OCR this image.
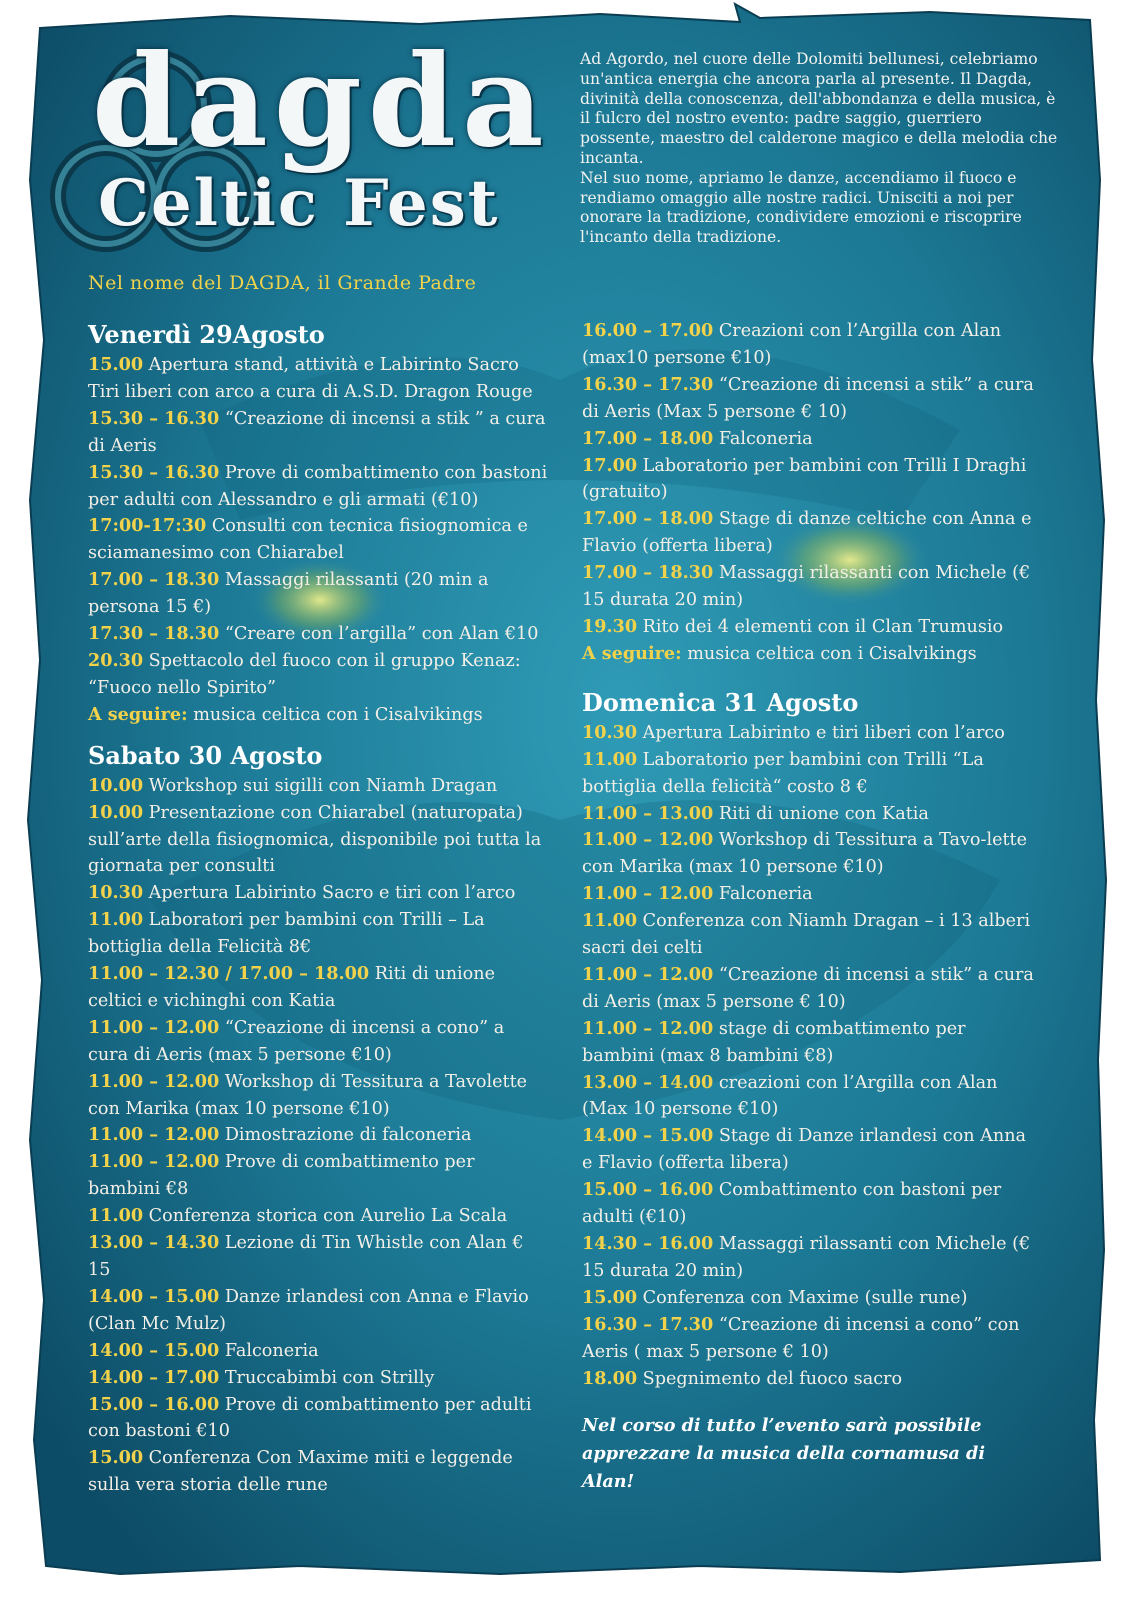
dagda
Celtic Fest
Nel nome del DAGDA, il Grande Padre

Ad Agordo, nel cuore delle Dolomiti bellunesi, celebriamo un'antica energia che ancora parla al presente. Il Dagda, divinità della conoscenza, dell'abbondanza e della musica, è il fulcro del nostro evento: padre saggio, guerriero possente, maestro del calderone magico e della melodia che incanta.

Nel suo nome, apriamo le danze, accendiamo il fuoco e rendiamo omaggio alle nostre radici. Unisciti a noi per onorare la tradizione, condividere emozioni e riscoprire l'incanto della tradizione.

Venerdì 29Agosto

15.00 Apertura stand, attività e Labirinto Sacro Tiri liberi con arco a cura di A.S.D. Dragon Rouge

15.30 – 16.30 “Creazione di incensi a stik ” a cura di Aeris

15.30 – 16.30 Prove di combattimento con bastoni per adulti con Alessandro e gli armati (€10)

17:00-17:30 Consulti con tecnica fisiognomica e sciamanesimo con Chiarabel

17.00 – 18.30 Massaggi rilassanti (20 min a persona 15 €)

17.30 – 18.30 “Creare con l’argilla” con Alan €10

20.30 Spettacolo del fuoco con il gruppo Kenaz: “Fuoco nello Spirito”

A seguire: musica celtica con i Cisalvikings

Sabato 30 Agosto

10.00 Workshop sui sigilli con Niamh Dragan

10.00 Presentazione con Chiarabel (naturopata) sull’arte della fisiognomica, disponibile poi tutta la giornata per consulti

10.30 Apertura Labirinto Sacro e tiri con l’arco

11.00 Laboratori per bambini con Trilli – La bottiglia della Felicità 8€

11.00 – 12.30 / 17.00 – 18.00 Riti di unione celtici e vichinghi con Katia

11.00 – 12.00 “Creazione di incensi a cono” a cura di Aeris (max 5 persone €10)

11.00 – 12.00 Workshop di Tessitura a Tavolette con Marika (max 10 persone €10)

11.00 – 12.00 Dimostrazione di falconeria

11.00 – 12.00 Prove di combattimento per bambini €8

11.00 Conferenza storica con Aurelio La Scala

13.00 – 14.30 Lezione di Tin Whistle con Alan € 15

14.00 – 15.00 Danze irlandesi con Anna e Flavio (Clan Mc Mulz)

14.00 – 15.00 Falconeria

14.00 – 17.00 Truccabimbi con Strilly

15.00 – 16.00 Prove di combattimento per adulti con bastoni €10

15.00 Conferenza Con Maxime miti e leggende sulla vera storia delle rune

16.00 – 17.00 Creazioni con l’Argilla con Alan (max10 persone €10)

16.30 – 17.30 “Creazione di incensi a stik” a cura di Aeris (Max 5 persone € 10)

17.00 – 18.00 Falconeria

17.00 Laboratorio per bambini con Trilli I Draghi (gratuito)

17.00 – 18.00 Stage di danze celtiche con Anna e Flavio (offerta libera)

17.00 – 18.30 Massaggi rilassanti con Michele (€ 15 durata 20 min)

19.30 Rito dei 4 elementi con il Clan Trumusio

A seguire: musica celtica con i Cisalvikings

Domenica 31 Agosto

10.30 Apertura Labirinto e tiri liberi con l’arco

11.00 Laboratorio per bambini con Trilli “La bottiglia della felicità“ costo 8 €

11.00 – 13.00 Riti di unione con Katia

11.00 – 12.00 Workshop di Tessitura a Tavo-lette con Marika (max 10 persone €10)

11.00 – 12.00 Falconeria

11.00 Conferenza con Niamh Dragan – i 13 alberi sacri dei celti

11.00 – 12.00 “Creazione di incensi a stik” a cura di Aeris (max 5 persone € 10)

11.00 – 12.00 stage di combattimento per bambini (max 8 bambini €8)

13.00 – 14.00 creazioni con l’Argilla con Alan (Max 10 persone €10)

14.00 – 15.00 Stage di Danze irlandesi con Anna e Flavio (offerta libera)

15.00 – 16.00 Combattimento con bastoni per adulti (€10)

14.30 – 16.00 Massaggi rilassanti con Michele (€ 15 durata 20 min)

15.00 Conferenza con Maxime (sulle rune)

16.30 – 17.30 “Creazione di incensi a cono” con Aeris ( max 5 persone € 10)

18.00 Spegnimento del fuoco sacro

Nel corso di tutto l’evento sarà possibile apprezzare la musica della cornamusa di Alan!
